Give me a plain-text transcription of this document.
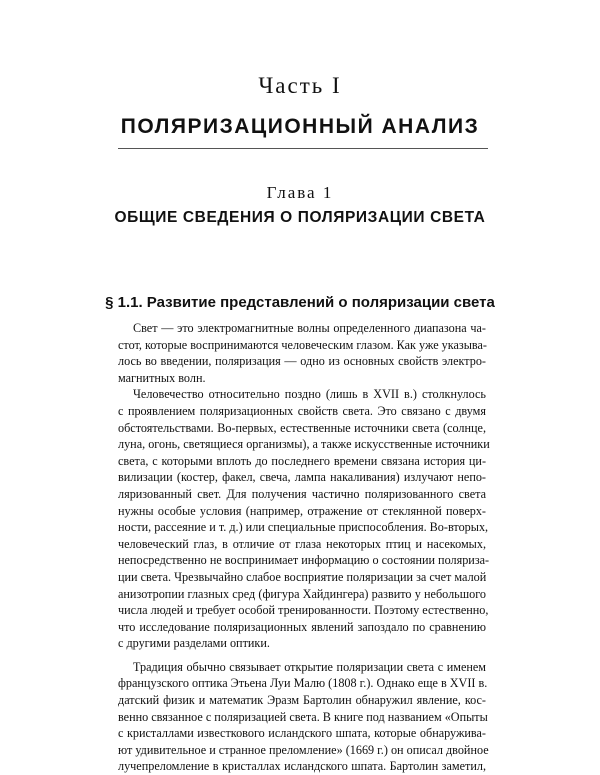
Часть I
ПОЛЯРИЗАЦИОННЫЙ АНАЛИЗ
Глава 1
ОБЩИЕ СВЕДЕНИЯ О ПОЛЯРИЗАЦИИ СВЕТА
§ 1.1. Развитие представлений о поляризации света
Свет — это электромагнитные волны определенного диапазона ча-
стот, которые воспринимаются человеческим глазом. Как уже указыва-
лось во введении, поляризация — одно из основных свойств электро-
магнитных волн.
Человечество относительно поздно (лишь в XVII в.) столкнулось
с проявлением поляризационных свойств света. Это связано с двумя
обстоятельствами. Во-первых, естественные источники света (солнце,
луна, огонь, светящиеся организмы), а также искусственные источники
света, с которыми вплоть до последнего времени связана история ци-
вилизации (костер, факел, свеча, лампа накаливания) излучают непо-
ляризованный свет. Для получения частично поляризованного света
нужны особые условия (например, отражение от стеклянной поверх-
ности, рассеяние и т. д.) или специальные приспособления. Во-вторых,
человеческий глаз, в отличие от глаза некоторых птиц и насекомых,
непосредственно не воспринимает информацию о состоянии поляриза-
ции света. Чрезвычайно слабое восприятие поляризации за счет малой
анизотропии глазных сред (фигура Хайдингера) развито у небольшого
числа людей и требует особой тренированности. Поэтому естественно,
что исследование поляризационных явлений запоздало по сравнению
с другими разделами оптики.
Традиция обычно связывает открытие поляризации света с именем
французского оптика Этьена Луи Малю (1808 г.). Однако еще в XVII в.
датский физик и математик Эразм Бартолин обнаружил явление, кос-
венно связанное с поляризацией света. В книге под названием «Опыты
с кристаллами известкового исландского шпата, которые обнаружива-
ют удивительное и странное преломление» (1669 г.) он описал двойное
лучепреломление в кристаллах исландского шпата. Бартолин заметил,
